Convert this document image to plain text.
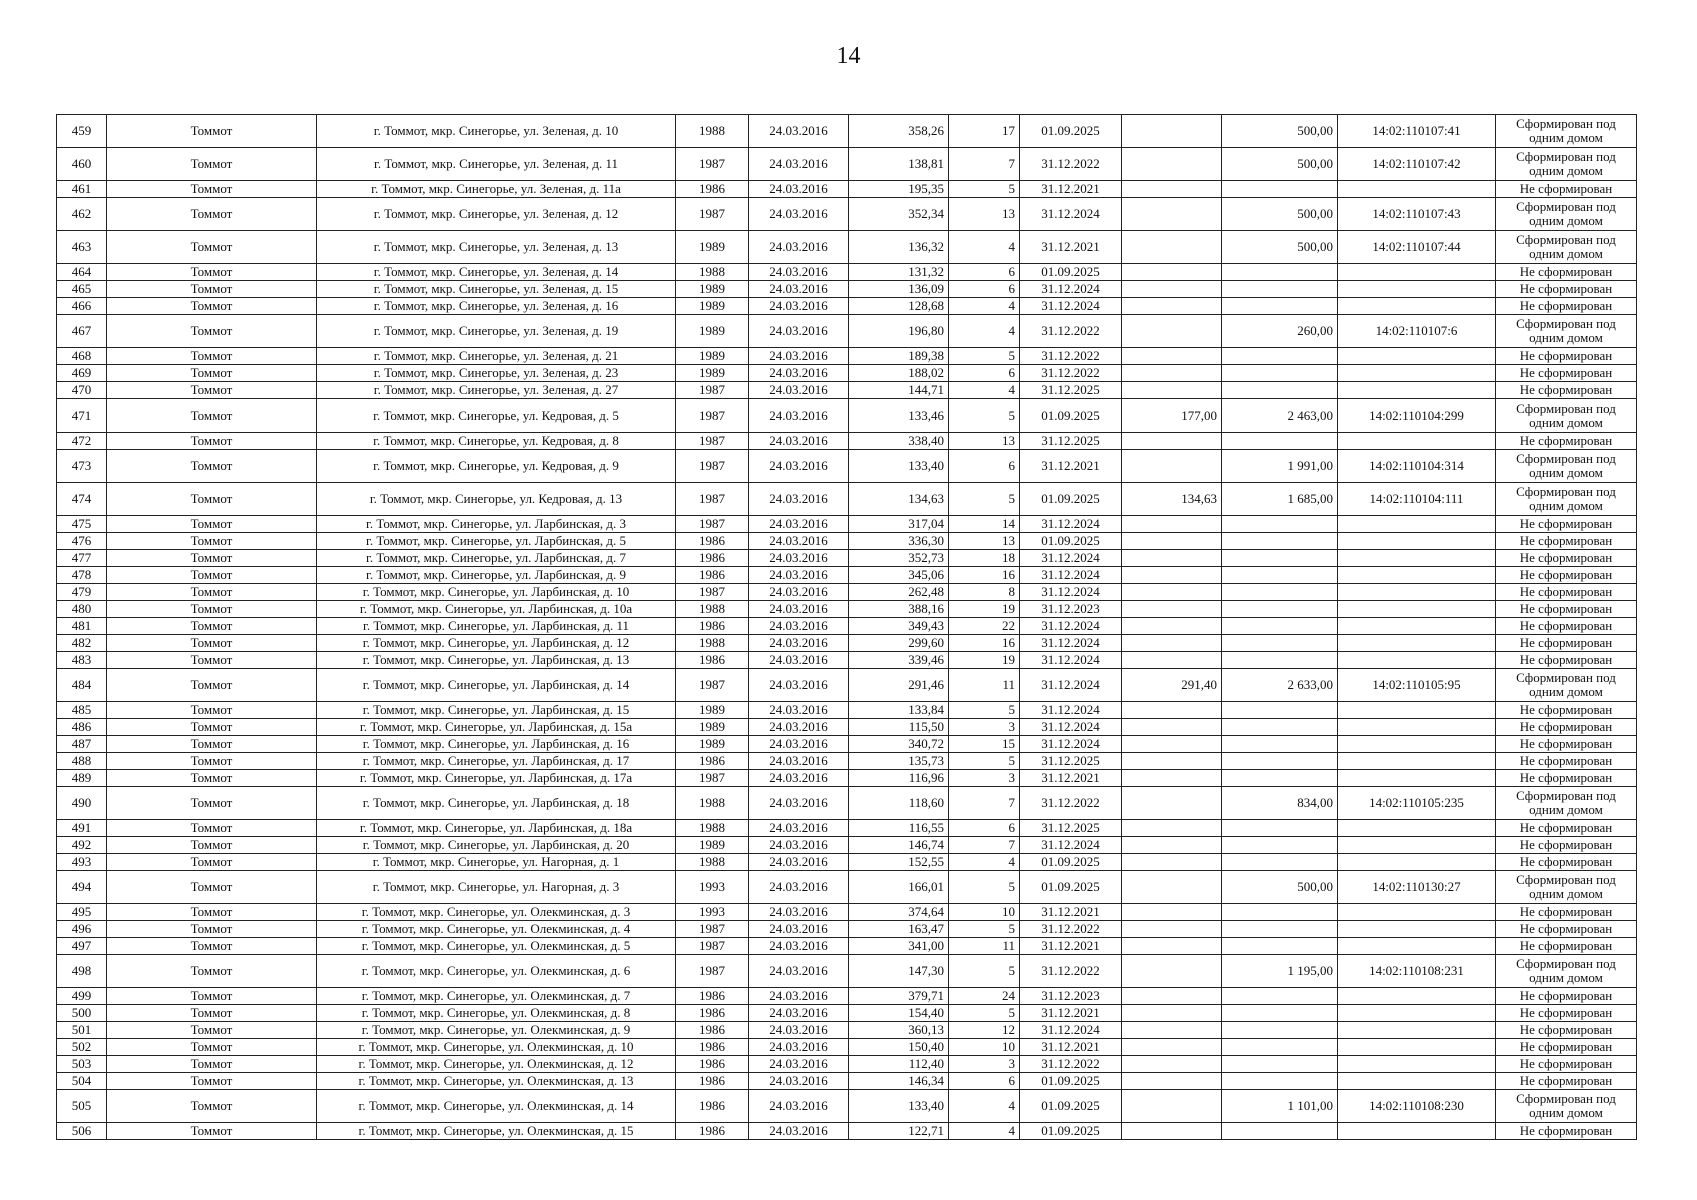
14
459	Томмот	г. Томмот, мкр. Синегорье, ул. Зеленая, д. 10	1988	24.03.2016	358,26	17	01.09.2025		500,00	14:02:110107:41	Сформирован под одним домом
460	Томмот	г. Томмот, мкр. Синегорье, ул. Зеленая, д. 11	1987	24.03.2016	138,81	7	31.12.2022		500,00	14:02:110107:42	Сформирован под одним домом
461	Томмот	г. Томмот, мкр. Синегорье, ул. Зеленая, д. 11а	1986	24.03.2016	195,35	5	31.12.2021				Не сформирован
462	Томмот	г. Томмот, мкр. Синегорье, ул. Зеленая, д. 12	1987	24.03.2016	352,34	13	31.12.2024		500,00	14:02:110107:43	Сформирован под одним домом
463	Томмот	г. Томмот, мкр. Синегорье, ул. Зеленая, д. 13	1989	24.03.2016	136,32	4	31.12.2021		500,00	14:02:110107:44	Сформирован под одним домом
464	Томмот	г. Томмот, мкр. Синегорье, ул. Зеленая, д. 14	1988	24.03.2016	131,32	6	01.09.2025				Не сформирован
465	Томмот	г. Томмот, мкр. Синегорье, ул. Зеленая, д. 15	1989	24.03.2016	136,09	6	31.12.2024				Не сформирован
466	Томмот	г. Томмот, мкр. Синегорье, ул. Зеленая, д. 16	1989	24.03.2016	128,68	4	31.12.2024				Не сформирован
467	Томмот	г. Томмот, мкр. Синегорье, ул. Зеленая, д. 19	1989	24.03.2016	196,80	4	31.12.2022		260,00	14:02:110107:6	Сформирован под одним домом
468	Томмот	г. Томмот, мкр. Синегорье, ул. Зеленая, д. 21	1989	24.03.2016	189,38	5	31.12.2022				Не сформирован
469	Томмот	г. Томмот, мкр. Синегорье, ул. Зеленая, д. 23	1989	24.03.2016	188,02	6	31.12.2022				Не сформирован
470	Томмот	г. Томмот, мкр. Синегорье, ул. Зеленая, д. 27	1987	24.03.2016	144,71	4	31.12.2025				Не сформирован
471	Томмот	г. Томмот, мкр. Синегорье, ул. Кедровая, д. 5	1987	24.03.2016	133,46	5	01.09.2025	177,00	2 463,00	14:02:110104:299	Сформирован под одним домом
472	Томмот	г. Томмот, мкр. Синегорье, ул. Кедровая, д. 8	1987	24.03.2016	338,40	13	31.12.2025				Не сформирован
473	Томмот	г. Томмот, мкр. Синегорье, ул. Кедровая, д. 9	1987	24.03.2016	133,40	6	31.12.2021		1 991,00	14:02:110104:314	Сформирован под одним домом
474	Томмот	г. Томмот, мкр. Синегорье, ул. Кедровая, д. 13	1987	24.03.2016	134,63	5	01.09.2025	134,63	1 685,00	14:02:110104:111	Сформирован под одним домом
475	Томмот	г. Томмот, мкр. Синегорье, ул. Ларбинская, д. 3	1987	24.03.2016	317,04	14	31.12.2024				Не сформирован
476	Томмот	г. Томмот, мкр. Синегорье, ул. Ларбинская, д. 5	1986	24.03.2016	336,30	13	01.09.2025				Не сформирован
477	Томмот	г. Томмот, мкр. Синегорье, ул. Ларбинская, д. 7	1986	24.03.2016	352,73	18	31.12.2024				Не сформирован
478	Томмот	г. Томмот, мкр. Синегорье, ул. Ларбинская, д. 9	1986	24.03.2016	345,06	16	31.12.2024				Не сформирован
479	Томмот	г. Томмот, мкр. Синегорье, ул. Ларбинская, д. 10	1987	24.03.2016	262,48	8	31.12.2024				Не сформирован
480	Томмот	г. Томмот, мкр. Синегорье, ул. Ларбинская, д. 10а	1988	24.03.2016	388,16	19	31.12.2023				Не сформирован
481	Томмот	г. Томмот, мкр. Синегорье, ул. Ларбинская, д. 11	1986	24.03.2016	349,43	22	31.12.2024				Не сформирован
482	Томмот	г. Томмот, мкр. Синегорье, ул. Ларбинская, д. 12	1988	24.03.2016	299,60	16	31.12.2024				Не сформирован
483	Томмот	г. Томмот, мкр. Синегорье, ул. Ларбинская, д. 13	1986	24.03.2016	339,46	19	31.12.2024				Не сформирован
484	Томмот	г. Томмот, мкр. Синегорье, ул. Ларбинская, д. 14	1987	24.03.2016	291,46	11	31.12.2024	291,40	2 633,00	14:02:110105:95	Сформирован под одним домом
485	Томмот	г. Томмот, мкр. Синегорье, ул. Ларбинская, д. 15	1989	24.03.2016	133,84	5	31.12.2024				Не сформирован
486	Томмот	г. Томмот, мкр. Синегорье, ул. Ларбинская, д. 15а	1989	24.03.2016	115,50	3	31.12.2024				Не сформирован
487	Томмот	г. Томмот, мкр. Синегорье, ул. Ларбинская, д. 16	1989	24.03.2016	340,72	15	31.12.2024				Не сформирован
488	Томмот	г. Томмот, мкр. Синегорье, ул. Ларбинская, д. 17	1986	24.03.2016	135,73	5	31.12.2025				Не сформирован
489	Томмот	г. Томмот, мкр. Синегорье, ул. Ларбинская, д. 17а	1987	24.03.2016	116,96	3	31.12.2021				Не сформирован
490	Томмот	г. Томмот, мкр. Синегорье, ул. Ларбинская, д. 18	1988	24.03.2016	118,60	7	31.12.2022		834,00	14:02:110105:235	Сформирован под одним домом
491	Томмот	г. Томмот, мкр. Синегорье, ул. Ларбинская, д. 18а	1988	24.03.2016	116,55	6	31.12.2025				Не сформирован
492	Томмот	г. Томмот, мкр. Синегорье, ул. Ларбинская, д. 20	1989	24.03.2016	146,74	7	31.12.2024				Не сформирован
493	Томмот	г. Томмот, мкр. Синегорье, ул. Нагорная, д. 1	1988	24.03.2016	152,55	4	01.09.2025				Не сформирован
494	Томмот	г. Томмот, мкр. Синегорье, ул. Нагорная, д. 3	1993	24.03.2016	166,01	5	01.09.2025		500,00	14:02:110130:27	Сформирован под одним домом
495	Томмот	г. Томмот, мкр. Синегорье, ул. Олекминская, д. 3	1993	24.03.2016	374,64	10	31.12.2021				Не сформирован
496	Томмот	г. Томмот, мкр. Синегорье, ул. Олекминская, д. 4	1987	24.03.2016	163,47	5	31.12.2022				Не сформирован
497	Томмот	г. Томмот, мкр. Синегорье, ул. Олекминская, д. 5	1987	24.03.2016	341,00	11	31.12.2021				Не сформирован
498	Томмот	г. Томмот, мкр. Синегорье, ул. Олекминская, д. 6	1987	24.03.2016	147,30	5	31.12.2022		1 195,00	14:02:110108:231	Сформирован под одним домом
499	Томмот	г. Томмот, мкр. Синегорье, ул. Олекминская, д. 7	1986	24.03.2016	379,71	24	31.12.2023				Не сформирован
500	Томмот	г. Томмот, мкр. Синегорье, ул. Олекминская, д. 8	1986	24.03.2016	154,40	5	31.12.2021				Не сформирован
501	Томмот	г. Томмот, мкр. Синегорье, ул. Олекминская, д. 9	1986	24.03.2016	360,13	12	31.12.2024				Не сформирован
502	Томмот	г. Томмот, мкр. Синегорье, ул. Олекминская, д. 10	1986	24.03.2016	150,40	10	31.12.2021				Не сформирован
503	Томмот	г. Томмот, мкр. Синегорье, ул. Олекминская, д. 12	1986	24.03.2016	112,40	3	31.12.2022				Не сформирован
504	Томмот	г. Томмот, мкр. Синегорье, ул. Олекминская, д. 13	1986	24.03.2016	146,34	6	01.09.2025				Не сформирован
505	Томмот	г. Томмот, мкр. Синегорье, ул. Олекминская, д. 14	1986	24.03.2016	133,40	4	01.09.2025		1 101,00	14:02:110108:230	Сформирован под одним домом
506	Томмот	г. Томмот, мкр. Синегорье, ул. Олекминская, д. 15	1986	24.03.2016	122,71	4	01.09.2025				Не сформирован
